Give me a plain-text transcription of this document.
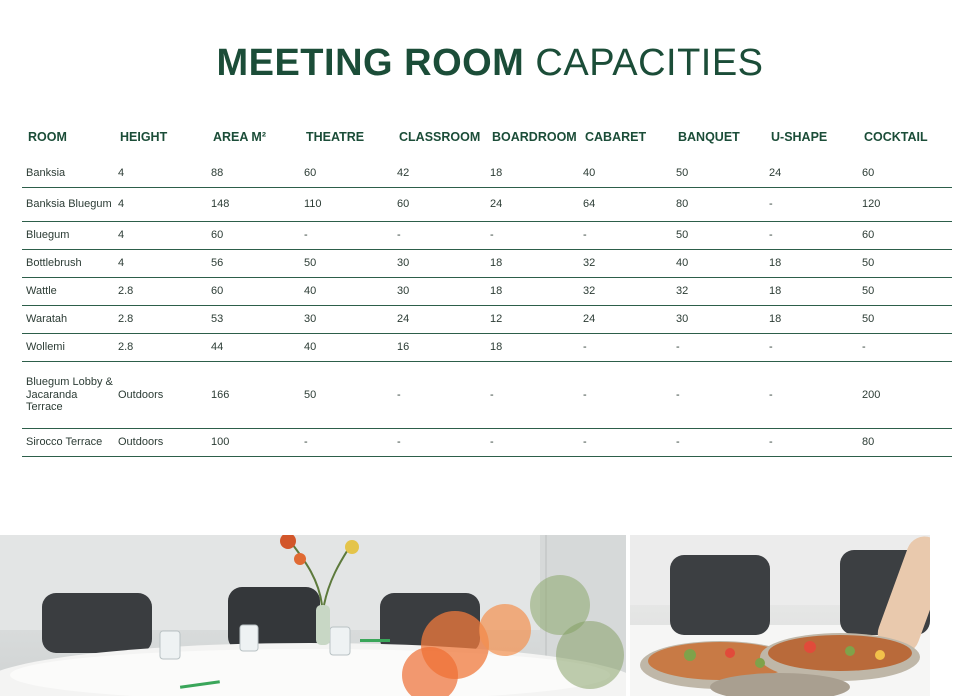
MEETING ROOM CAPACITIES
ROOM	HEIGHT	AREA M²	THEATRE	CLASSROOM	BOARDROOM	CABARET	BANQUET	U-SHAPE	COCKTAIL

Banksia	4	88	60	42	18	40	50	24	60
Banksia Bluegum	4	148	110	60	24	64	80	-	120
Bluegum	4	60	-	-	-	-	50	-	60
Bottlebrush	4	56	50	30	18	32	40	18	50
Wattle	2.8	60	40	30	18	32	32	18	50
Waratah	2.8	53	30	24	12	24	30	18	50
Wollemi	2.8	44	40	16	18	-	-	-	-
Bluegum Lobby & Jacaranda Terrace	Outdoors	166	50	-	-	-	-	-	200
Sirocco Terrace	Outdoors	100	-	-	-	-	-	-	80
